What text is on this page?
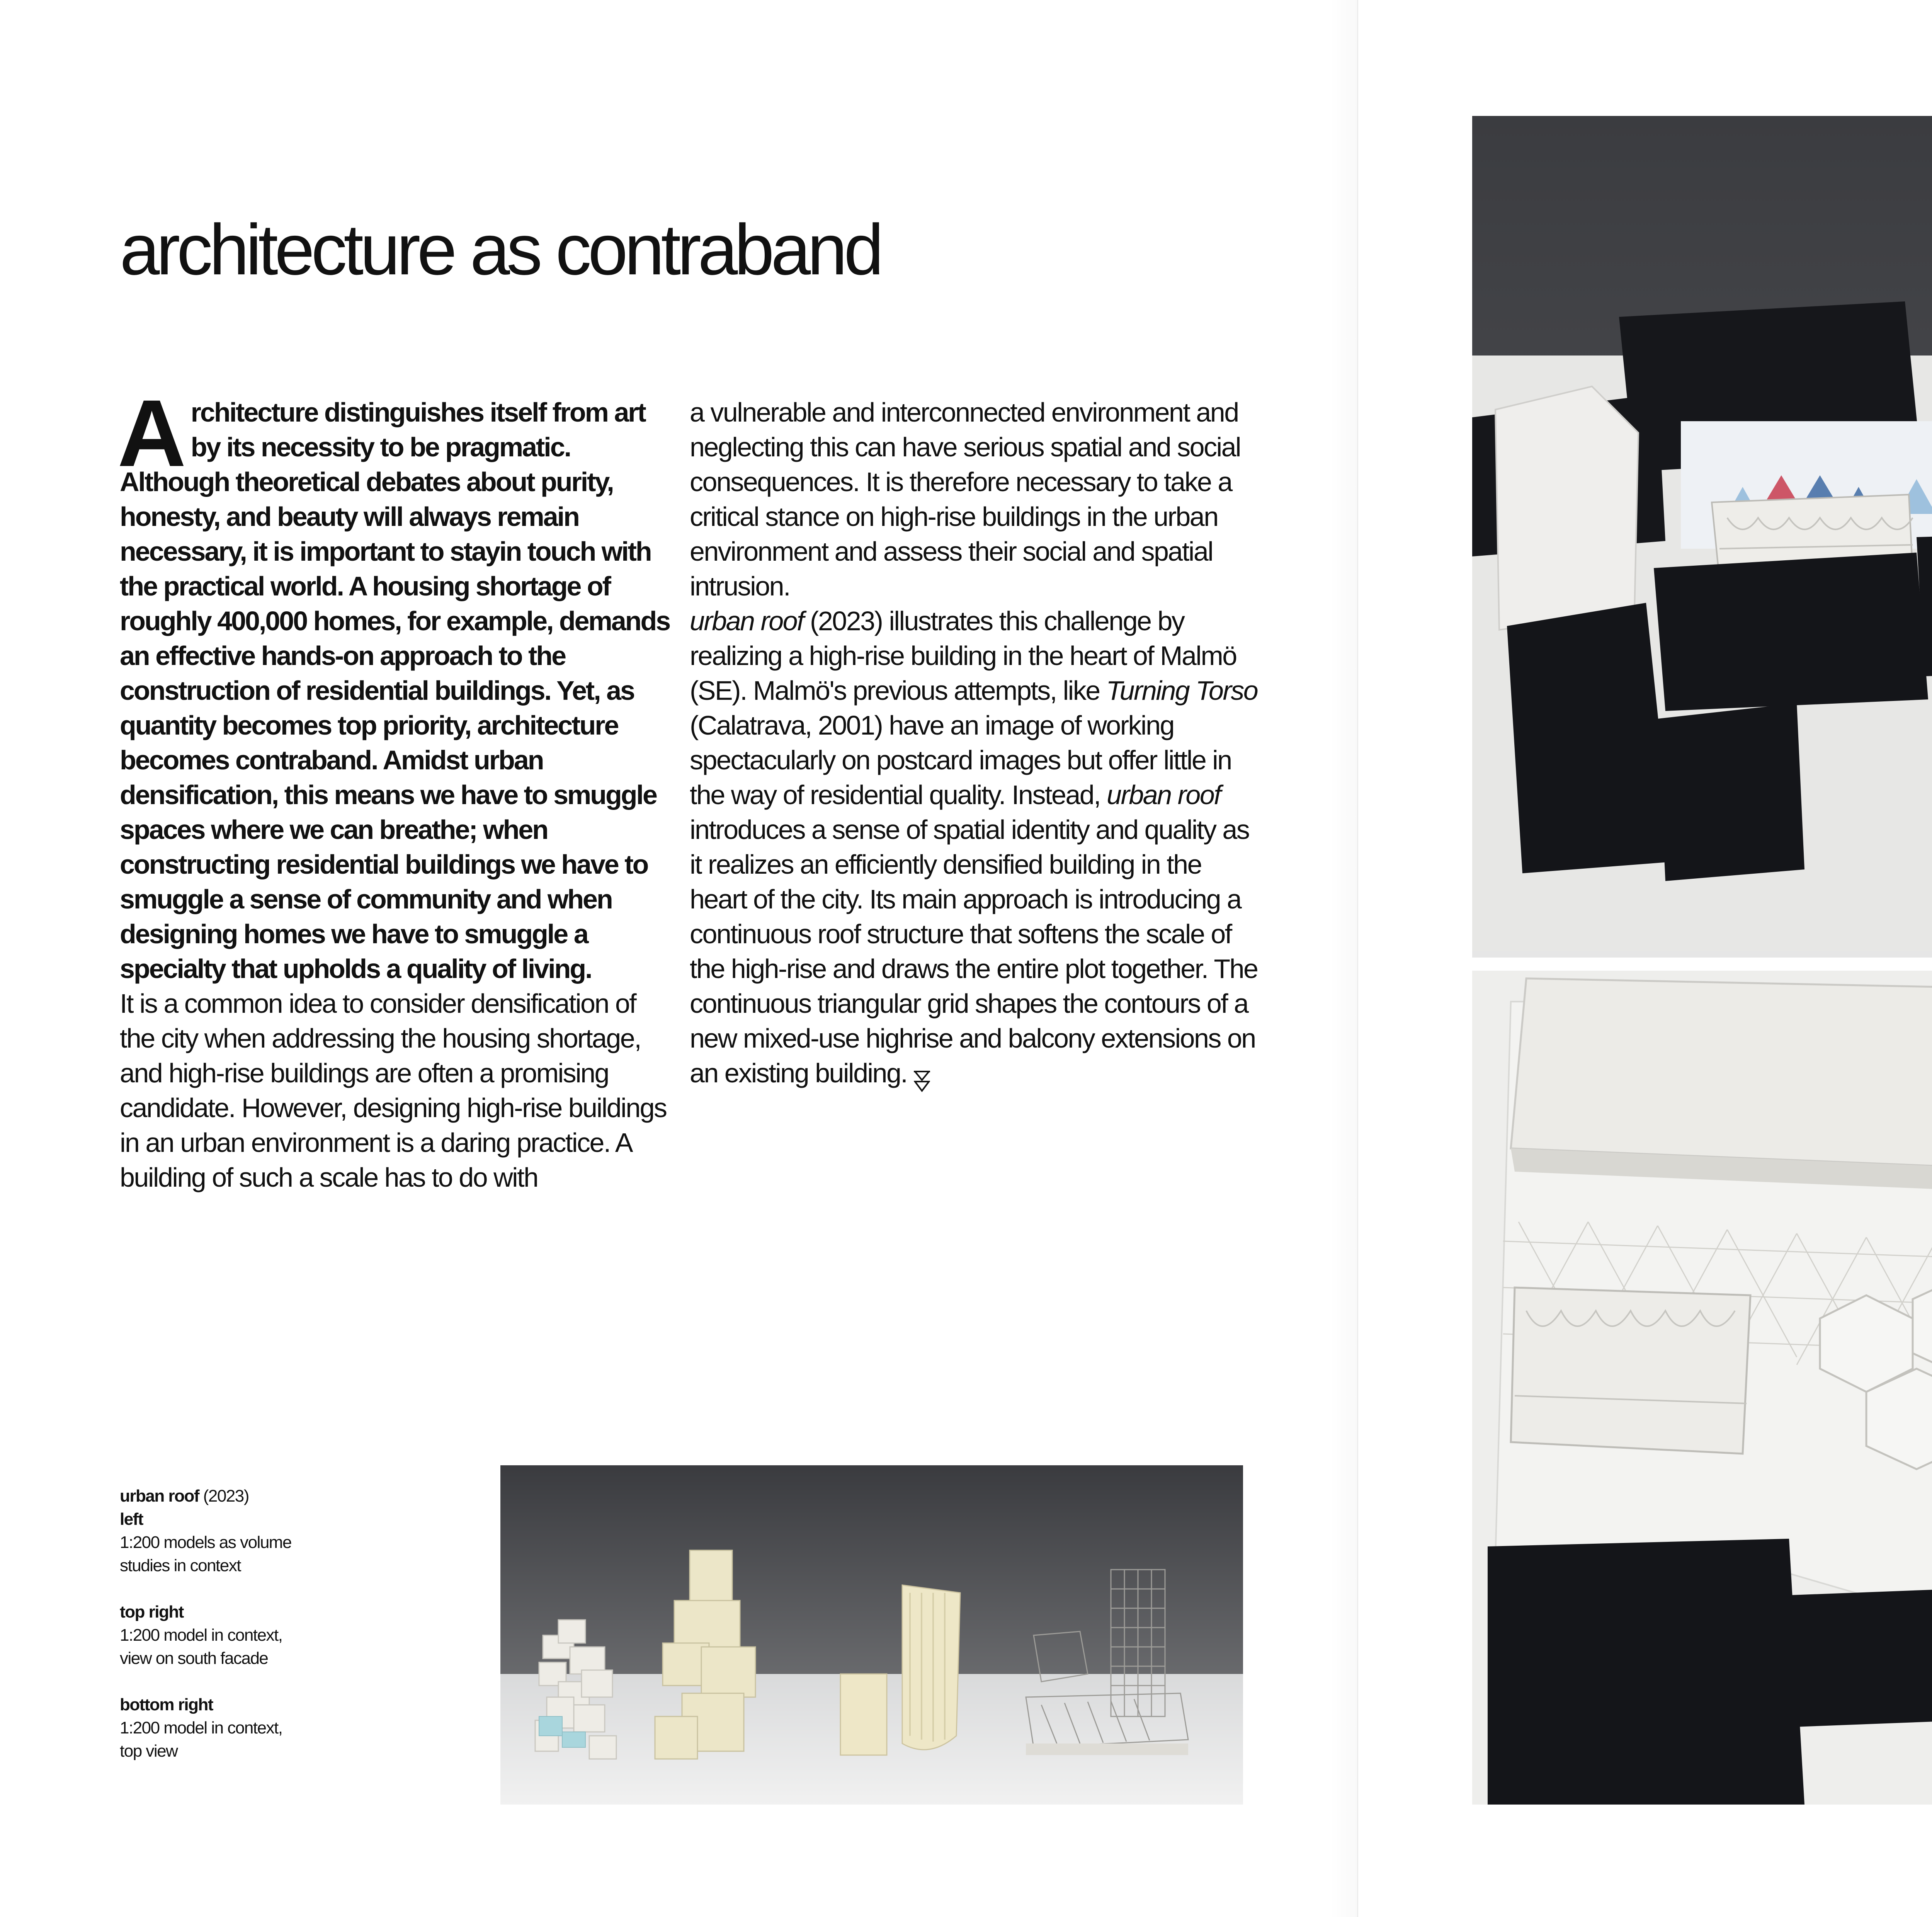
architecture as contraband

Architecture distinguishes itself from art by its necessity to be pragmatic. Although theoretical debates about purity, honesty, and beauty will always remain necessary, it is important to stayin touch with the practical world. A housing shortage of roughly 400,000 homes, for example, demands an effective hands-on approach to the construction of residential buildings. Yet, as quantity becomes top priority, architecture becomes contraband. Amidst urban densification, this means we have to smuggle spaces where we can breathe; when constructing residential buildings we have to smuggle a sense of community and when designing homes we have to smuggle a specialty that upholds a quality of living.

It is a common idea to consider densification of the city when addressing the housing shortage, and high-rise buildings are often a promising candidate. However, designing high-rise buildings in an urban environment is a daring practice. A building of such a scale has to do with

a vulnerable and interconnected environment and neglecting this can have serious spatial and social consequences. It is therefore necessary to take a critical stance on high-rise buildings in the urban environment and assess their social and spatial intrusion.

urban roof (2023) illustrates this challenge by realizing a high-rise building in the heart of Malmö (SE). Malmö's previous attempts, like Turning Torso (Calatrava, 2001) have an image of working spectacularly on postcard images but offer little in the way of residential quality. Instead, urban roof introduces a sense of spatial identity and quality as it realizes an efficiently densified building in the heart of the city. Its main approach is introducing a continuous roof structure that softens the scale of the high-rise and draws the entire plot together. The continuous triangular grid shapes the contours of a new mixed-use highrise and balcony extensions on an existing building.

urban roof (2023)
left
1:200 models as volume studies in context
top right
1:200 model in context, view on south facade
bottom right
1:200 model in context, top view
